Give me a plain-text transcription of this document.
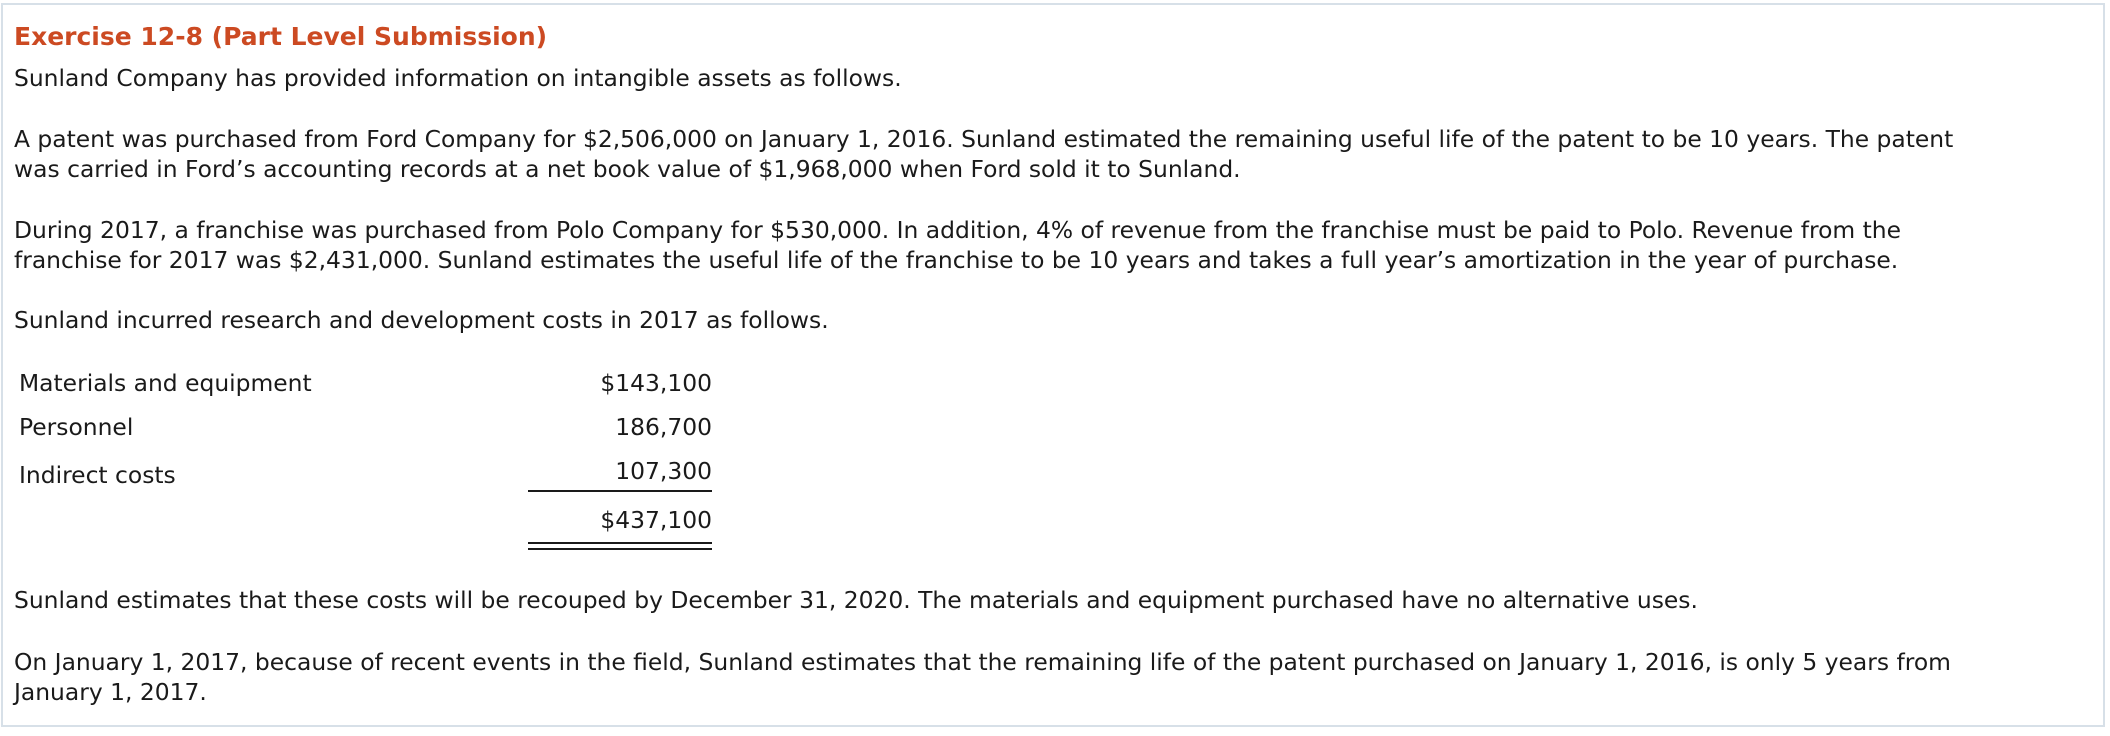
Exercise 12-8 (Part Level Submission)
Sunland Company has provided information on intangible assets as follows.
A patent was purchased from Ford Company for $2,506,000 on January 1, 2016. Sunland estimated the remaining useful life of the patent to be 10 years. The patent
was carried in Ford’s accounting records at a net book value of $1,968,000 when Ford sold it to Sunland.
During 2017, a franchise was purchased from Polo Company for $530,000. In addition, 4% of revenue from the franchise must be paid to Polo. Revenue from the
franchise for 2017 was $2,431,000. Sunland estimates the useful life of the franchise to be 10 years and takes a full year’s amortization in the year of purchase.
Sunland incurred research and development costs in 2017 as follows.
Materials and equipment	$143,100
Personnel	186,700
Indirect costs	107,300
$437,100
Sunland estimates that these costs will be recouped by December 31, 2020. The materials and equipment purchased have no alternative uses.
On January 1, 2017, because of recent events in the field, Sunland estimates that the remaining life of the patent purchased on January 1, 2016, is only 5 years from
January 1, 2017.
